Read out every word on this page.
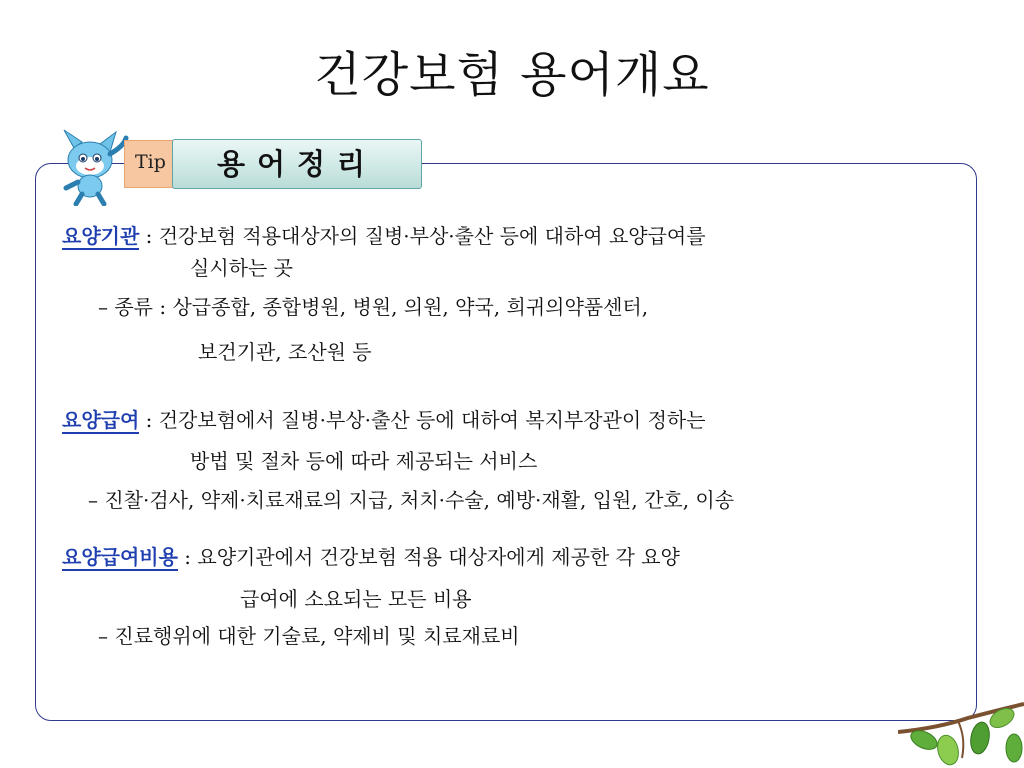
건강보험 용어개요
Tip	용어정리
요양기관 : 건강보험 적용대상자의 질병·부상·출산 등에 대하여 요양급여를
실시하는 곳
– 종류 : 상급종합, 종합병원, 병원, 의원, 약국, 희귀의약품센터,
보건기관, 조산원 등
요양급여 : 건강보험에서 질병·부상·출산 등에 대하여 복지부장관이 정하는
방법 및 절차 등에 따라 제공되는 서비스
– 진찰·검사, 약제·치료재료의 지급, 처치·수술, 예방·재활, 입원, 간호, 이송
요양급여비용 : 요양기관에서 건강보험 적용 대상자에게 제공한 각 요양
급여에 소요되는 모든 비용
– 진료행위에 대한 기술료, 약제비 및 치료재료비
